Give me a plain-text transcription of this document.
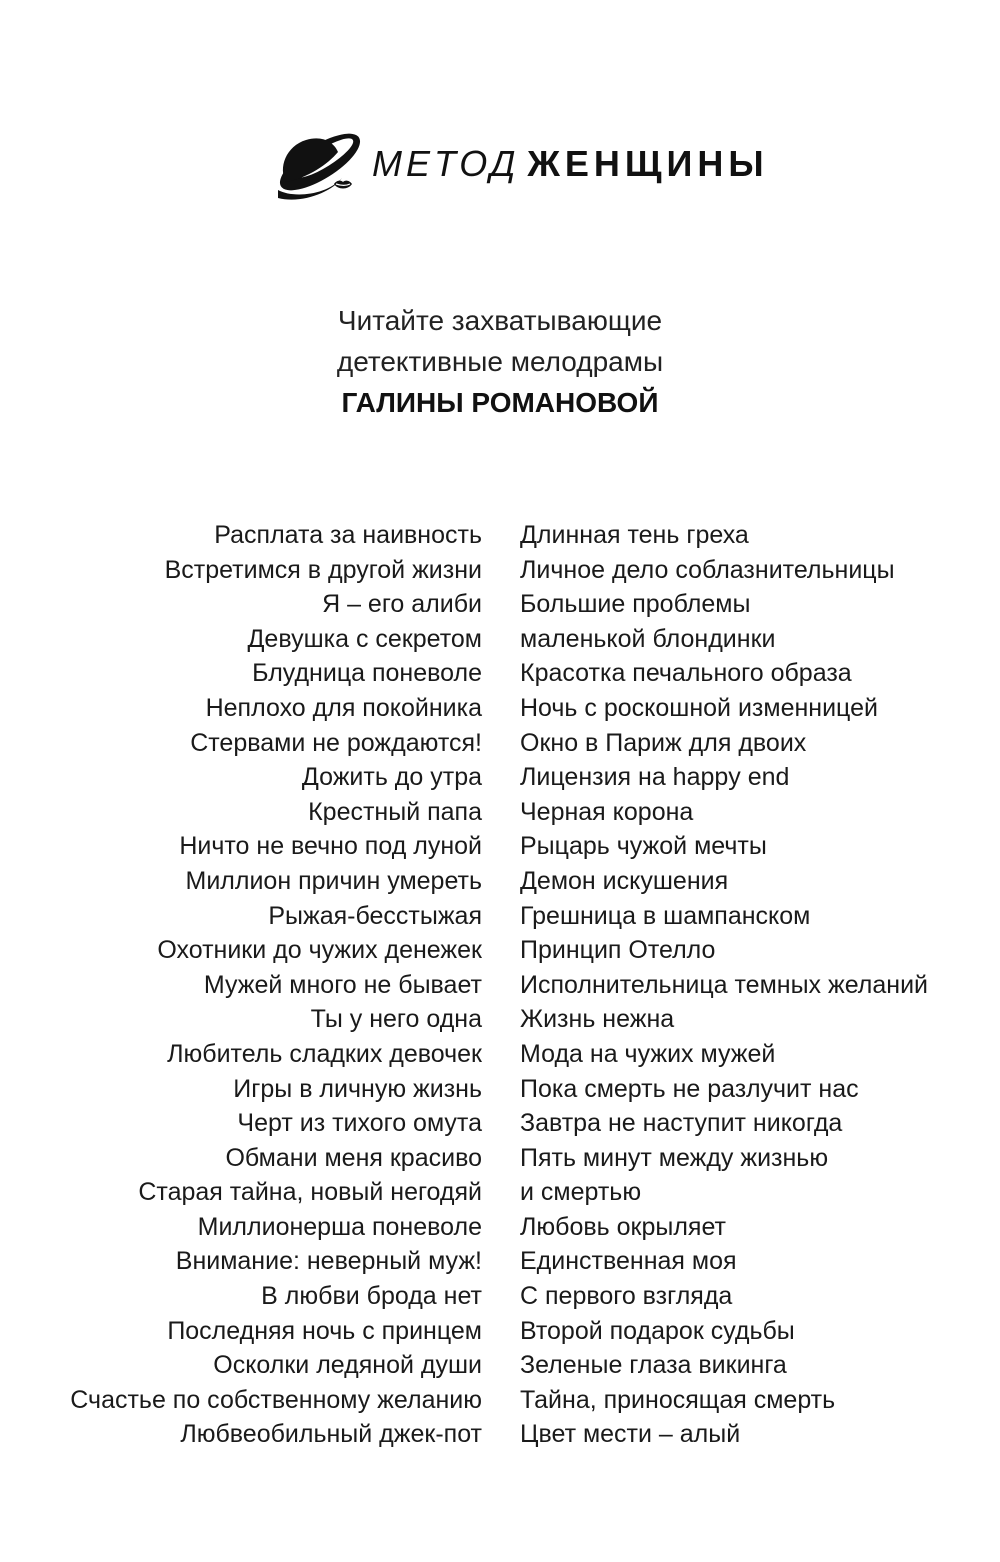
МЕТОД ЖЕНЩИНЫ
Читайте захватывающие
детективные мелодрамы
ГАЛИНЫ РОМАНОВОЙ
Расплата за наивность
Встретимся в другой жизни
Я – его алиби
Девушка с секретом
Блудница поневоле
Неплохо для покойника
Стервами не рождаются!
Дожить до утра
Крестный папа
Ничто не вечно под луной
Миллион причин умереть
Рыжая-бесстыжая
Охотники до чужих денежек
Мужей много не бывает
Ты у него одна
Любитель сладких девочек
Игры в личную жизнь
Черт из тихого омута
Обмани меня красиво
Старая тайна, новый негодяй
Миллионерша поневоле
Внимание: неверный муж!
В любви брода нет
Последняя ночь с принцем
Осколки ледяной души
Счастье по собственному желанию
Любвеобильный джек-пот
Длинная тень греха
Личное дело соблазнительницы
Большие проблемы
маленькой блондинки
Красотка печального образа
Ночь с роскошной изменницей
Окно в Париж для двоих
Лицензия на happy end
Черная корона
Рыцарь чужой мечты
Демон искушения
Грешница в шампанском
Принцип Отелло
Исполнительница темных желаний
Жизнь нежна
Мода на чужих мужей
Пока смерть не разлучит нас
Завтра не наступит никогда
Пять минут между жизнью
и смертью
Любовь окрыляет
Единственная моя
С первого взгляда
Второй подарок судьбы
Зеленые глаза викинга
Тайна, приносящая смерть
Цвет мести – алый
